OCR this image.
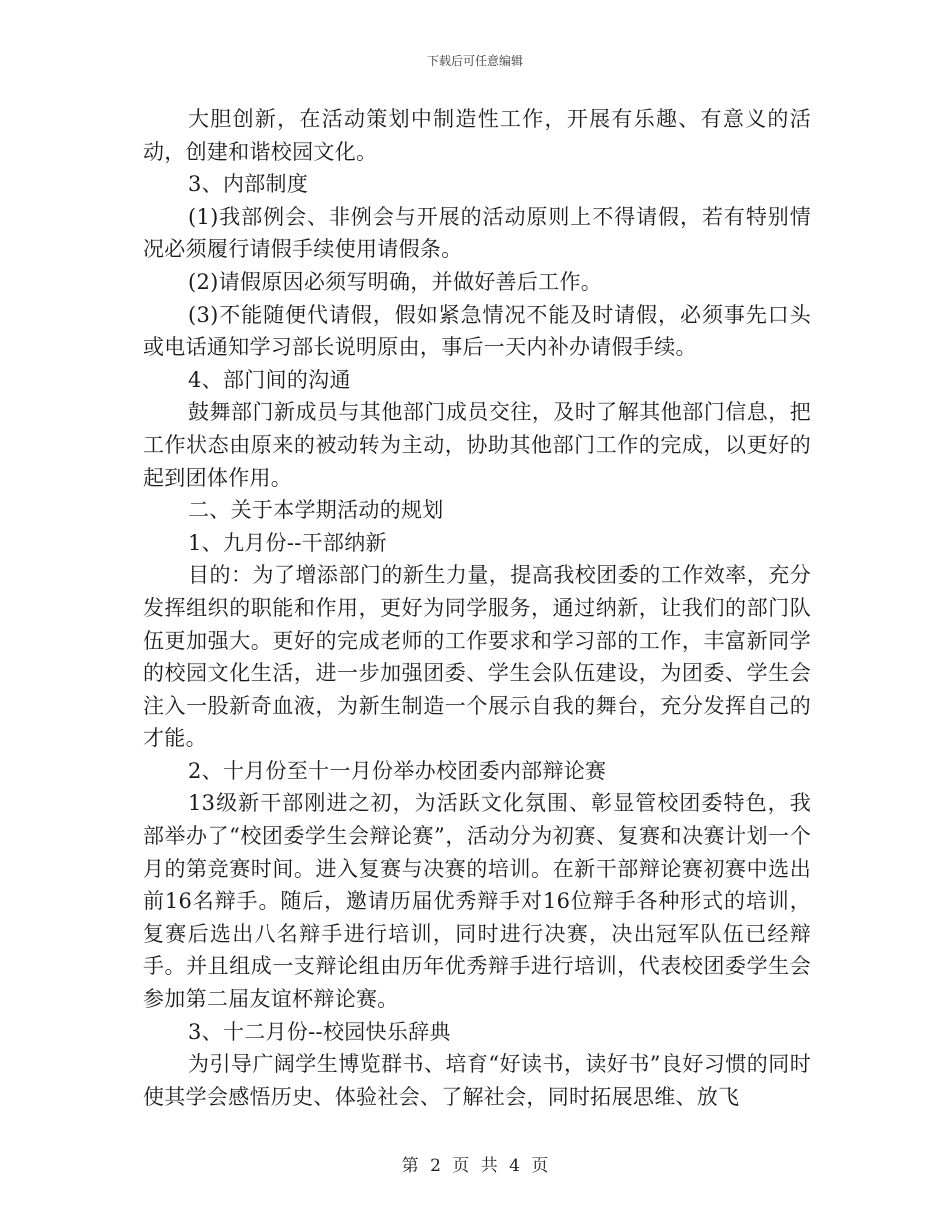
下载后可任意编辑

大胆创新，在活动策划中制造性工作，开展有乐趣、有意义的活动，创建和谐校园文化。

3、内部制度

(1)我部例会、非例会与开展的活动原则上不得请假，若有特别情况必须履行请假手续使用请假条。

(2)请假原因必须写明确，并做好善后工作。

(3)不能随便代请假，假如紧急情况不能及时请假，必须事先口头或电话通知学习部长说明原由，事后一天内补办请假手续。

4、部门间的沟通

鼓舞部门新成员与其他部门成员交往，及时了解其他部门信息，把工作状态由原来的被动转为主动，协助其他部门工作的完成，以更好的起到团体作用。

二、关于本学期活动的规划

1、九月份--干部纳新

目的：为了增添部门的新生力量，提高我校团委的工作效率，充分发挥组织的职能和作用，更好为同学服务，通过纳新，让我们的部门队伍更加强大。更好的完成老师的工作要求和学习部的工作，丰富新同学的校园文化生活，进一步加强团委、学生会队伍建设，为团委、学生会注入一股新奇血液，为新生制造一个展示自我的舞台，充分发挥自己的才能。

2、十月份至十一月份举办校团委内部辩论赛

13级新干部刚进之初，为活跃文化氛围、彰显管校团委特色，我部举办了“校团委学生会辩论赛”，活动分为初赛、复赛和决赛计划一个月的第竞赛时间。进入复赛与决赛的培训。在新干部辩论赛初赛中选出前16名辩手。随后，邀请历届优秀辩手对16位辩手各种形式的培训，复赛后选出八名辩手进行培训，同时进行决赛，决出冠军队伍已经辩手。并且组成一支辩论组由历年优秀辩手进行培训，代表校团委学生会参加第二届友谊杯辩论赛。

3、十二月份--校园快乐辞典

为引导广阔学生博览群书、培育“好读书，读好书”良好习惯的同时使其学会感悟历史、体验社会、了解社会，同时拓展思维、放飞

第 2 页 共 4 页
